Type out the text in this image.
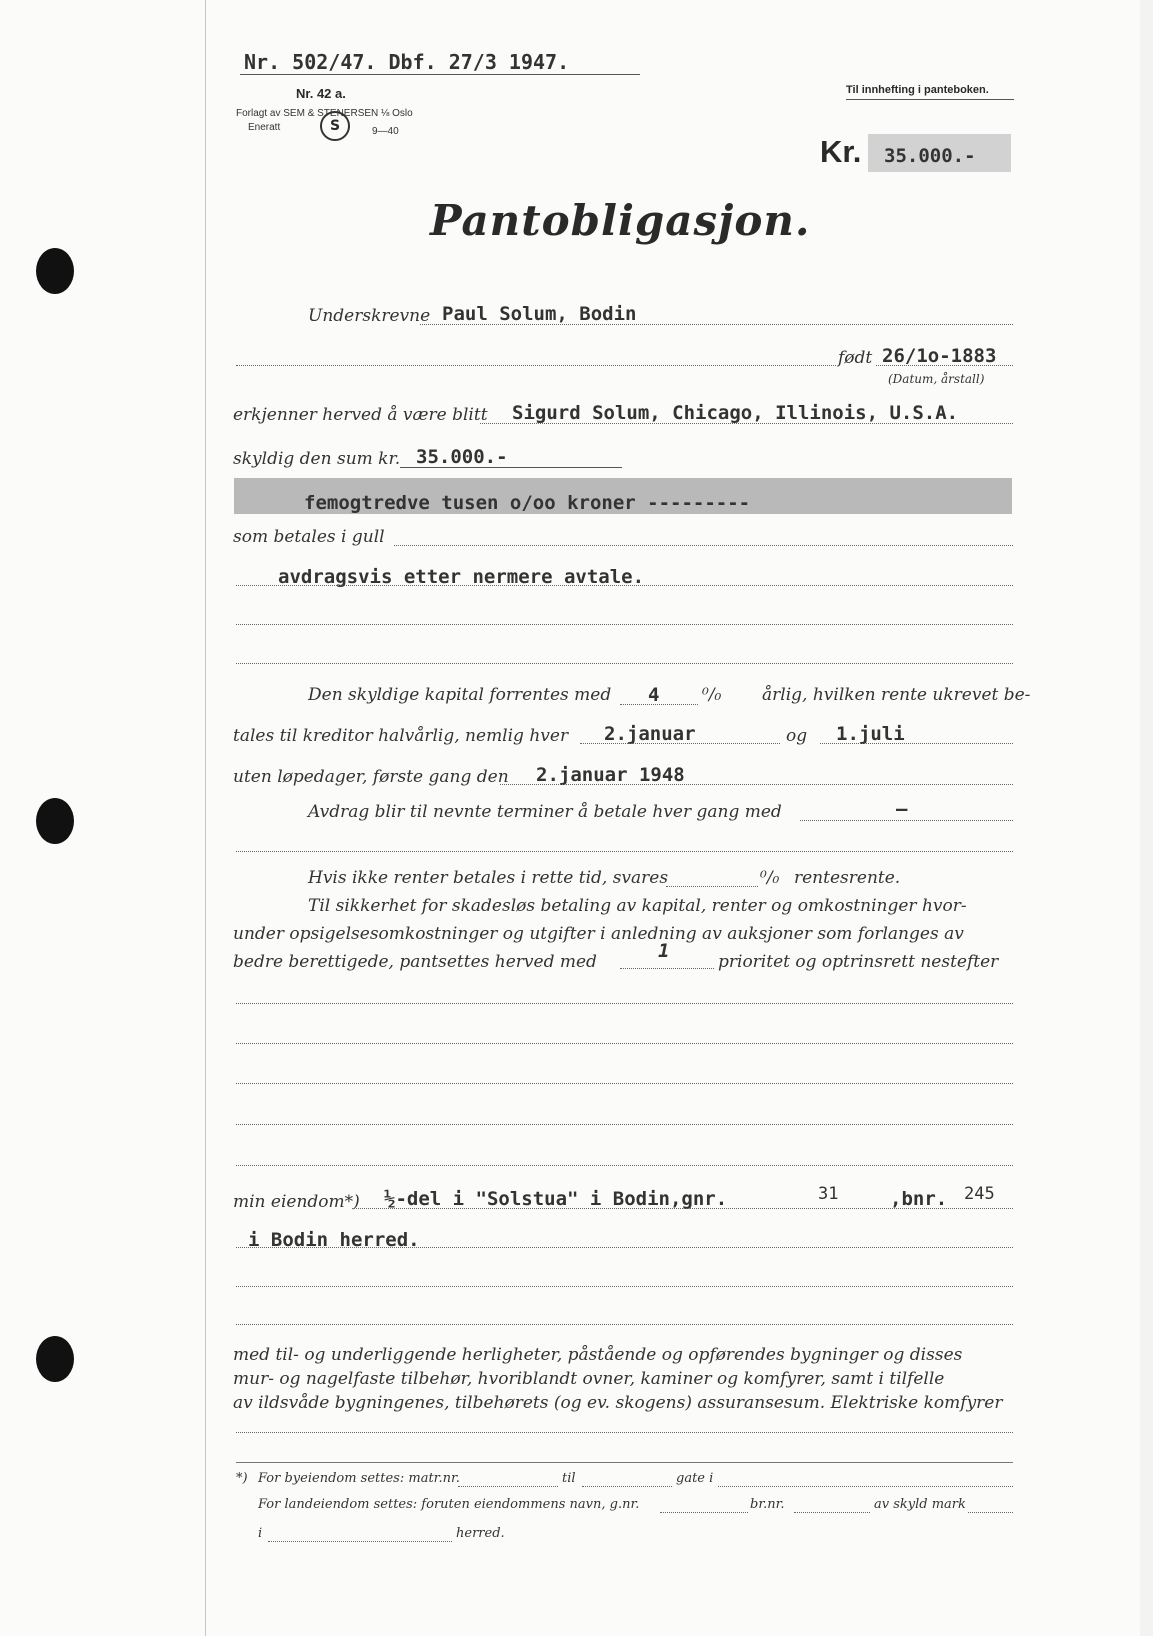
Nr. 502/47. Dbf. 27/3 1947.
Nr. 42 a.
Forlagt av SEM & STENERSEN ⅛ Oslo
Eneratt	9—40
S
Til innhefting i panteboken.
Kr. 35.000.-
Pantobligasjon.
Underskrevne Paul Solum, Bodin
født 26/1o-1883
(Datum, årstall)
erkjenner herved å være blitt Sigurd Solum, Chicago, Illinois, U.S.A.
skyldig den sum kr. 35.000.-
femogtredve tusen o/oo kroner ---------
som betales i gull
avdragsvis etter nermere avtale.
Den skyldige kapital forrentes med 4	⁰/₀ årlig, hvilken rente ukrevet be-
tales til kreditor halvårlig, nemlig hver 2.januar	og 1.juli
uten løpedager, første gang den 2.januar 1948
Avdrag blir til nevnte terminer å betale hver gang med	—
Hvis ikke renter betales i rette tid, svares	⁰/₀ rentesrente.
Til sikkerhet for skadesløs betaling av kapital, renter og omkostninger hvor-
under opsigelsesomkostninger og utgifter i anledning av auksjoner som forlanges av
bedre berettigede, pantsettes herved med	1	prioritet og optrinsrett nestefter
min eiendom*) ½-del i "Solstua" i Bodin,gnr.	31	,bnr. 245
i Bodin herred.
med til- og underliggende herligheter, påstående og opførendes bygninger og disses
mur- og nagelfaste tilbehør, hvoriblandt ovner, kaminer og komfyrer, samt i tilfelle
av ildsvåde bygningenes, tilbehørets (og ev. skogens) assuransesum. Elektriske komfyrer
*) For byeiendom settes: matr.nr.	til	gate i
For landeiendom settes: foruten eiendommens navn, g.nr.	br.nr.	av skyld mark
i	herred.
